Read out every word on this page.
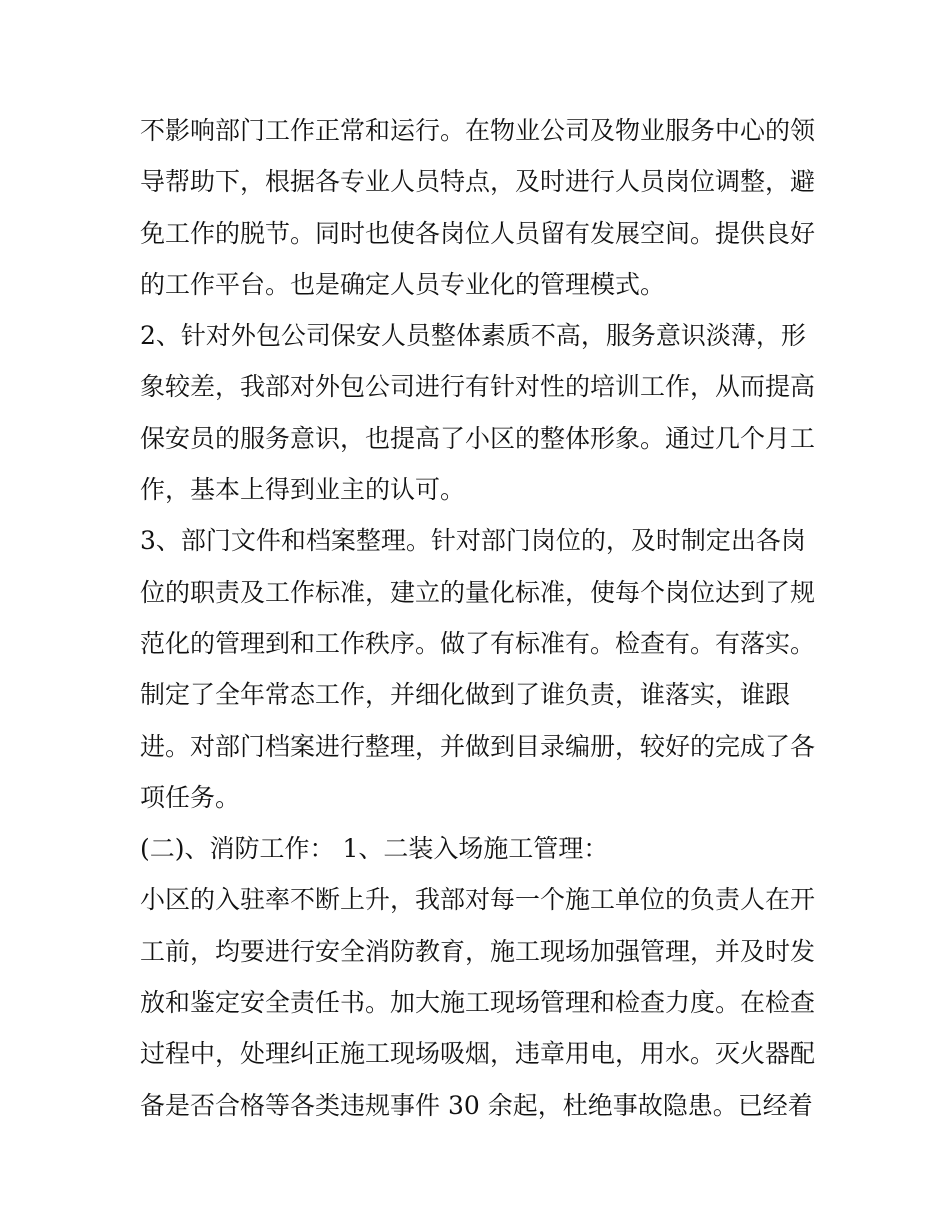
不影响部门工作正常和运行。在物业公司及物业服务中心的领
导帮助下，根据各专业人员特点，及时进行人员岗位调整，避
免工作的脱节。同时也使各岗位人员留有发展空间。提供良好
的工作平台。也是确定人员专业化的管理模式。
2、针对外包公司保安人员整体素质不高，服务意识淡薄，形
象较差，我部对外包公司进行有针对性的培训工作，从而提高
保安员的服务意识，也提高了小区的整体形象。通过几个月工
作，基本上得到业主的认可。
3、部门文件和档案整理。针对部门岗位的，及时制定出各岗
位的职责及工作标准，建立的量化标准，使每个岗位达到了规
范化的管理到和工作秩序。做了有标准有。检查有。有落实。
制定了全年常态工作，并细化做到了谁负责，谁落实，谁跟
进。对部门档案进行整理，并做到目录编册，较好的完成了各
项任务。
(二)、消防工作： 1、二装入场施工管理：
小区的入驻率不断上升，我部对每一个施工单位的负责人在开
工前，均要进行安全消防教育，施工现场加强管理，并及时发
放和鉴定安全责任书。加大施工现场管理和检查力度。在检查
过程中，处理纠正施工现场吸烟，违章用电，用水。灭火器配
备是否合格等各类违规事件 30 余起，杜绝事故隐患。已经着
